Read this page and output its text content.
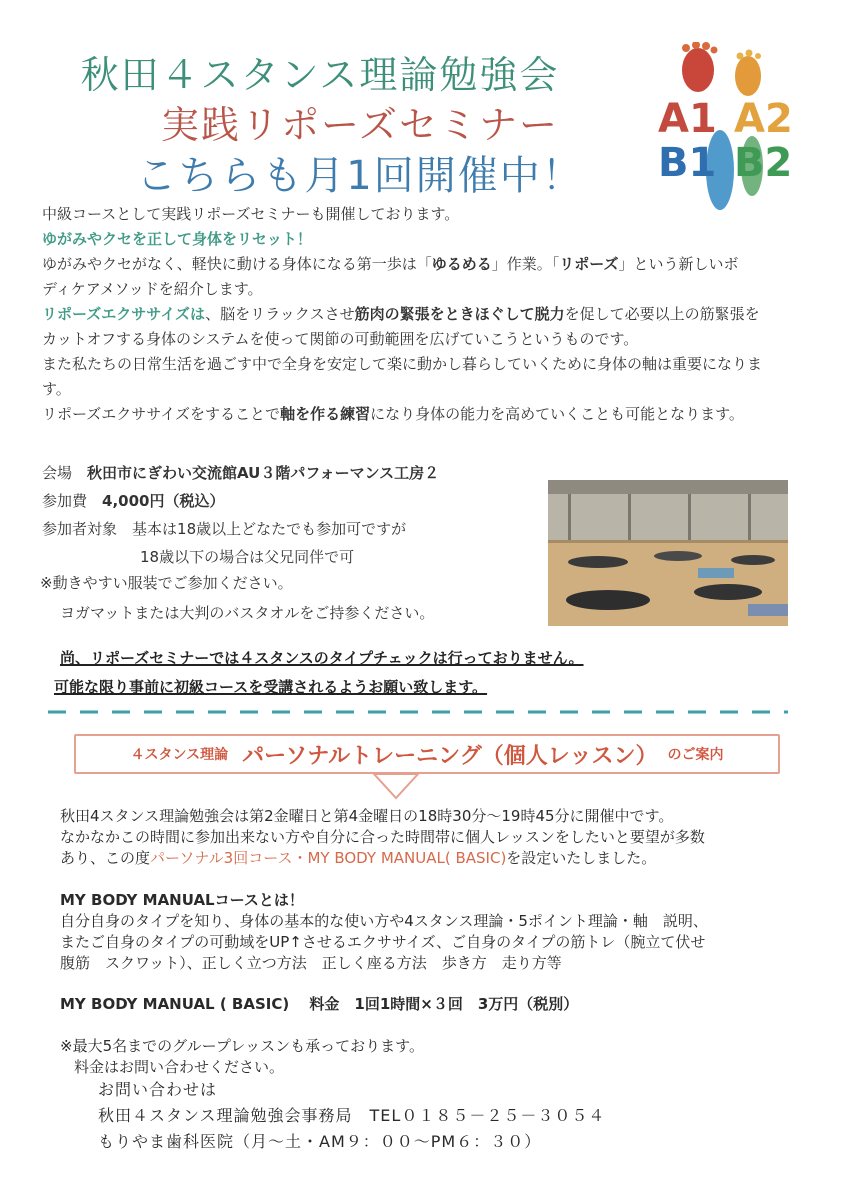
秋田４スタンス理論勉強会
実践リポーズセミナー
こちらも月1回開催中！
A1 A2
B1 B2

中級コースとして実践リポーズセミナーも開催しております。

ゆがみやクセを正して身体をリセット！

ゆがみやクセがなく、軽快に動ける身体になる第一歩は「ゆるめる」作業。「リポーズ」という新しいボ

ディケアメソッドを紹介します。

リポーズエクササイズは、脳をリラックスさせ筋肉の緊張をときほぐして脱力を促して必要以上の筋緊張を

カットオフする身体のシステムを使って関節の可動範囲を広げていこうというものです。

また私たちの日常生活を過ごす中で全身を安定して楽に動かし暮らしていくために身体の軸は重要になりま

す。

リポーズエクササイズをすることで軸を作る練習になり身体の能力を高めていくことも可能となります。

会場　 秋田市にぎわい交流館AU３階パフォーマンス工房２

参加費　 4,000円（税込）

参加者対象　 基本は18歳以上どなたでも参加可ですが

18歳以下の場合は父兄同伴で可

※動きやすい服装でご参加ください。

ヨガマットまたは大判のバスタオルをご持参ください。

尚、リポーズセミナーでは４スタンスのタイプチェックは行っておりません。
可能な限り事前に初級コースを受講されるようお願い致します。
４スタンス理論 パーソナルトレーニング（個人レッスン） のご案内

秋田4スタンス理論勉強会は第2金曜日と第4金曜日の18時30分～19時45分に開催中です。

なかなかこの時間に参加出来ない方や自分に合った時間帯に個人レッスンをしたいと要望が多数

あり、この度パーソナル3回コース・MY BODY MANUAL( BASIC)を設定いたしました。

MY BODY MANUALコースとは！

自分自身のタイプを知り、身体の基本的な使い方や4スタンス理論・5ポイント理論・軸　説明、

またご自身のタイプの可動域をUP↑させるエクササイズ、ご自身のタイプの筋トレ（腕立て伏せ

腹筋　スクワット）、正しく立つ方法　正しく座る方法　歩き方　走り方等

MY BODY MANUAL ( BASIC)　 料金　1回1時間×３回　3万円（税別）

※最大5名までのグループレッスンも承っております。

料金はお問い合わせください。

お問い合わせは
秋田４スタンス理論勉強会事務局　TEL０１８５－２５－３０５４
もりやま歯科医院（月～土・AM９：００～PM６：３０）
